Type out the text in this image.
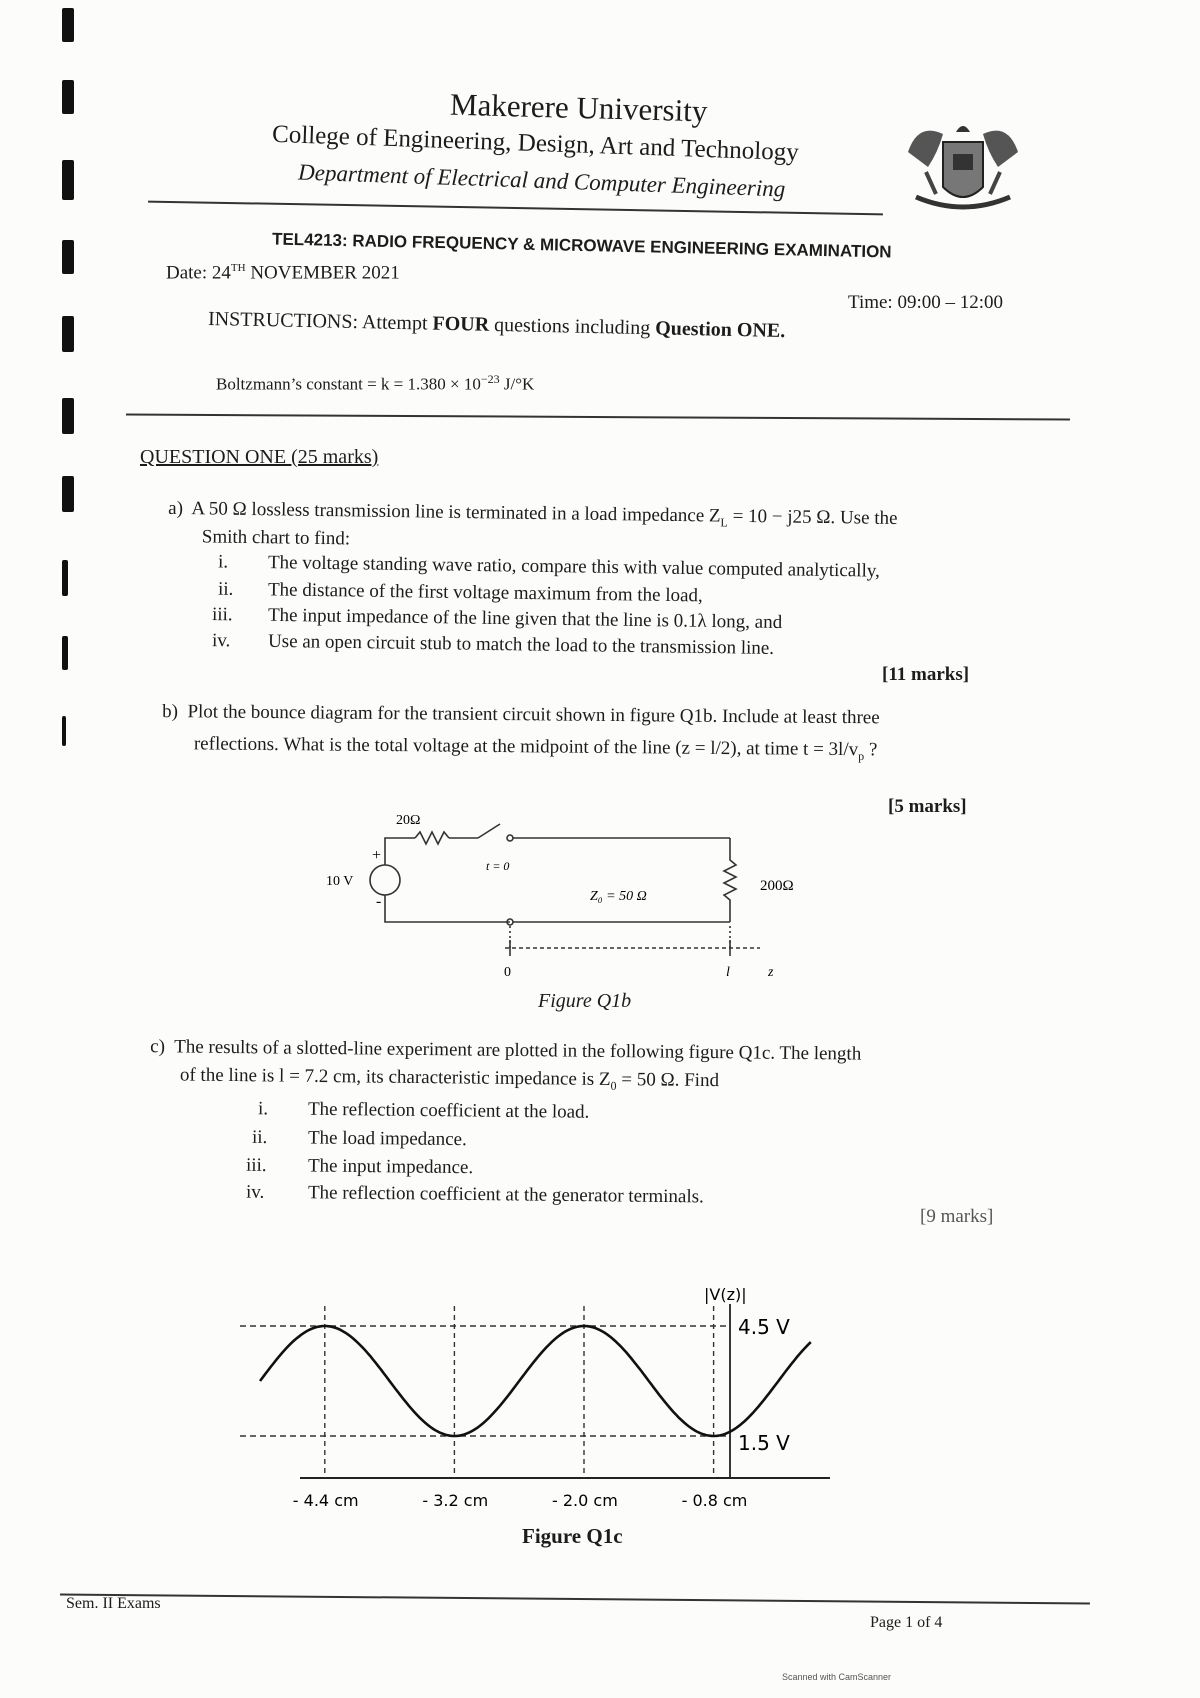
Makerere University
College of Engineering, Design, Art and Technology
Department of Electrical and Computer Engineering
TEL4213: RADIO FREQUENCY & MICROWAVE ENGINEERING EXAMINATION
Date: 24TH NOVEMBER 2021
Time: 09:00 – 12:00
INSTRUCTIONS: Attempt FOUR questions including Question ONE.
Boltzmann’s constant = $k = 1.380 \times 10^{-23}$ J/°K
QUESTION ONE (25 marks)
a) A 50 Ω lossless transmission line is terminated in a load impedance $Z_L = 10 - j25$ Ω. Use the
Smith chart to find:
i. The voltage standing wave ratio, compare this with value computed analytically,
ii. The distance of the first voltage maximum from the load,
iii. The input impedance of the line given that the line is 0.1λ long, and
iv. Use an open circuit stub to match the load to the transmission line.
[11 marks]
b) Plot the bounce diagram for the transient circuit shown in figure Q1b. Include at least three
reflections. What is the total voltage at the midpoint of the line (z = l/2), at time $t = 3l/v_p$ ?
[5 marks]
20Ω
10 V
+
-
t = 0
Z₀ = 50 Ω
200Ω
0	l	z
Figure Q1b
c) The results of a slotted-line experiment are plotted in the following figure Q1c. The length
of the line is l = 7.2 cm, its characteristic impedance is $Z_0 = 50$ Ω. Find
i. The reflection coefficient at the load.
ii. The load impedance.
iii. The input impedance.
iv. The reflection coefficient at the generator terminals.
[9 marks]
- 4.4 cm	- 3.2 cm	- 2.0 cm	- 0.8 cm
|V(z)|
4.5 V
1.5 V
Figure Q1c
Sem. II Exams
Page 1 of 4
Scanned with CamScanner
